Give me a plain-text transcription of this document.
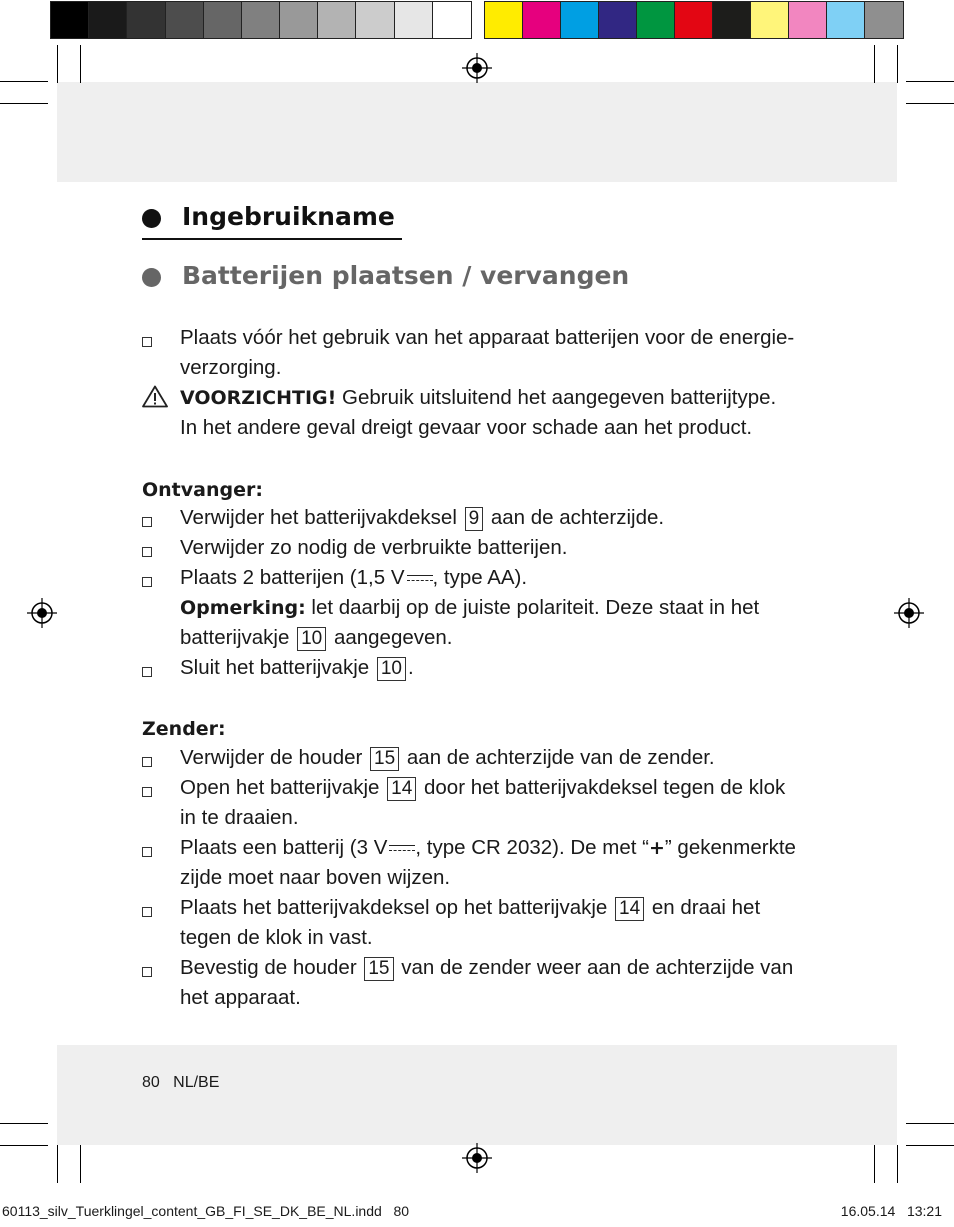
Ingebruikname
Batterijen plaatsen / vervangen
Plaats vóór het gebruik van het apparaat batterijen voor de energie-
verzorging.
VOORZICHTIG! Gebruik uitsluitend het aangegeven batterijtype.
In het andere geval dreigt gevaar voor schade aan het product.
Ontvanger:
Verwijder het batterijvakdeksel 9 aan de achterzijde.
Verwijder zo nodig de verbruikte batterijen.
Plaats 2 batterijen (1,5 V , type AA).
Opmerking: let daarbij op de juiste polariteit. Deze staat in het
batterijvakje 10 aangegeven.
Sluit het batterijvakje 10 .
Zender:
Verwijder de houder 15 aan de achterzijde van de zender.
Open het batterijvakje 14 door het batterijvakdeksel tegen de klok
in te draaien.
Plaats een batterij (3 V , type CR 2032). De met “+” gekenmerkte
zijde moet naar boven wijzen.
Plaats het batterijvakdeksel op het batterijvakje 14 en draai het
tegen de klok in vast.
Bevestig de houder 15 van de zender weer aan de achterzijde van
het apparaat.
80 NL/BE
60113_silv_Tuerklingel_content_GB_FI_SE_DK_BE_NL.indd 80	16.05.14 13:21
